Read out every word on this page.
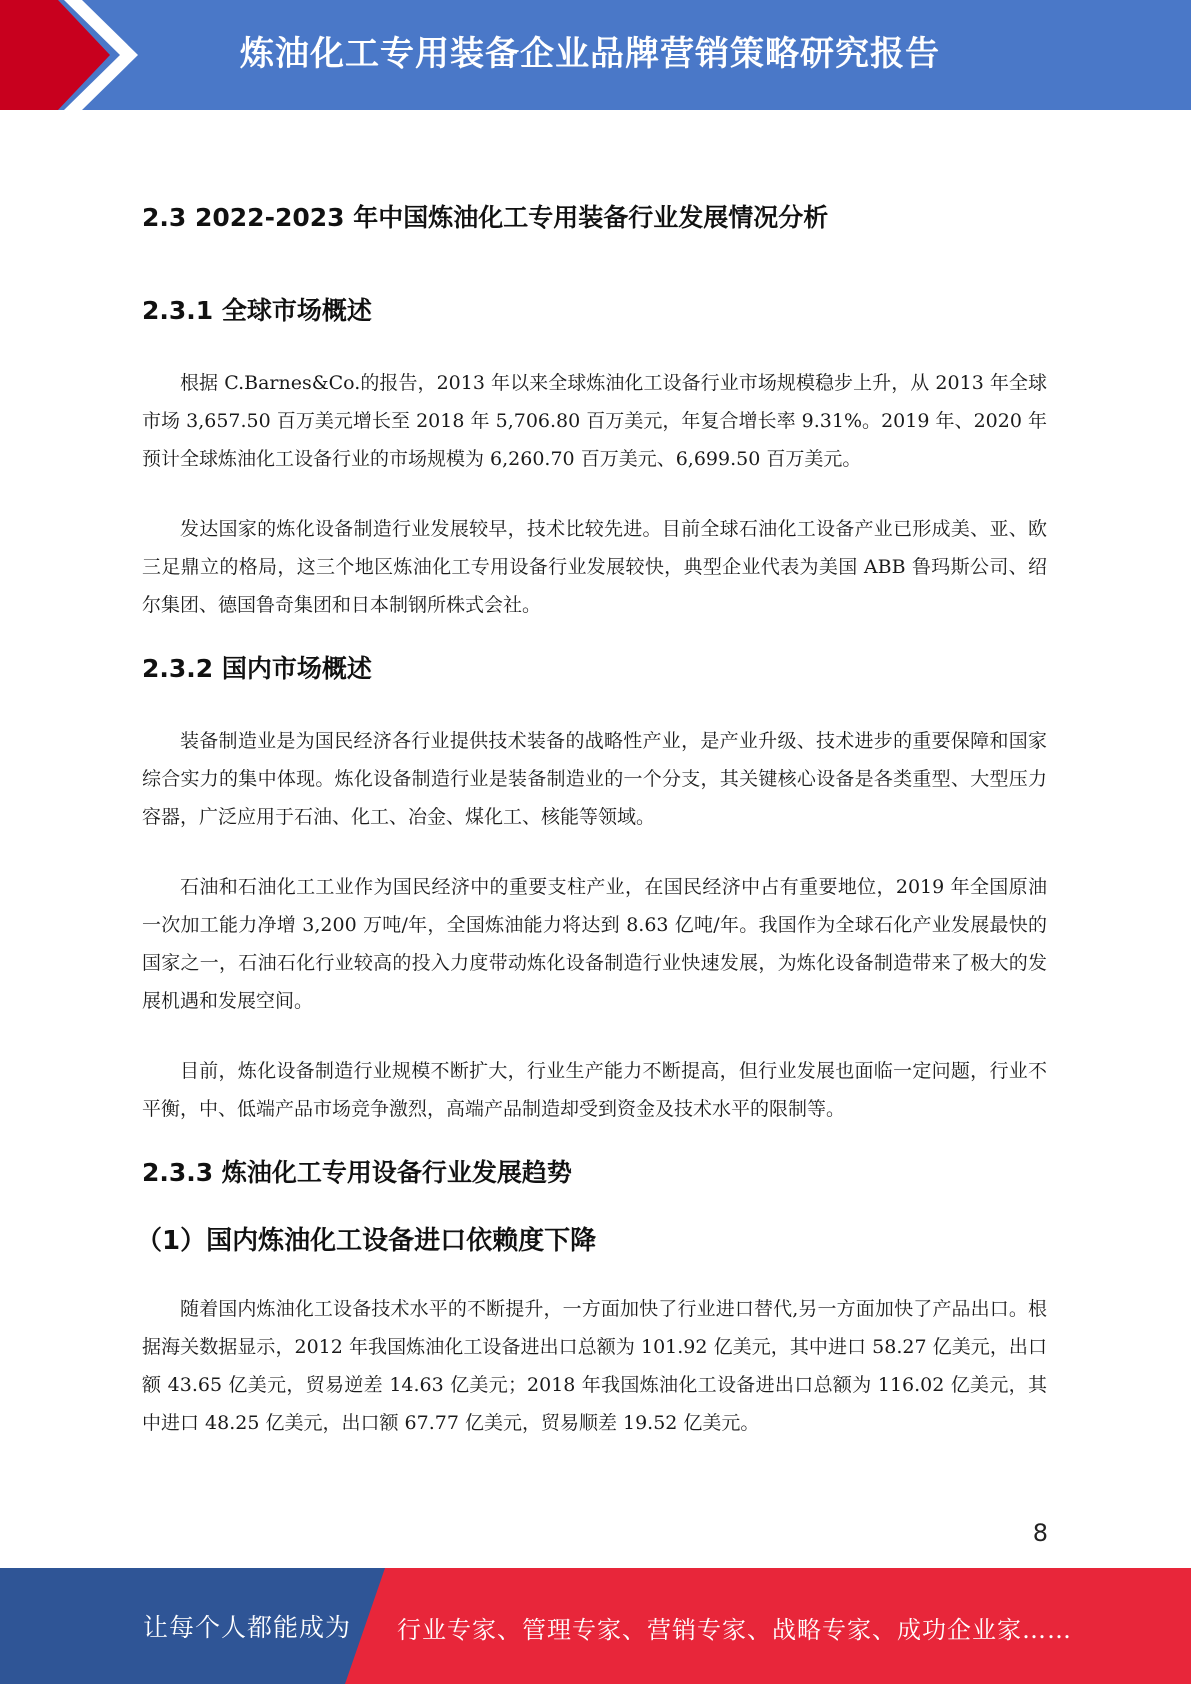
炼油化工专用装备企业品牌营销策略研究报告
2.3 2022-2023 年中国炼油化工专用装备行业发展情况分析
2.3.1 全球市场概述

根据 C.Barnes&Co.的报告，2013 年以来全球炼油化工设备行业市场规模稳步上升，从 2013 年全球市场 3,657.50 百万美元增长至 2018 年 5,706.80 百万美元，年复合增长率 9.31%。2019 年、2020 年预计全球炼油化工设备行业的市场规模为 6,260.70 百万美元、6,699.50 百万美元。

发达国家的炼化设备制造行业发展较早，技术比较先进。目前全球石油化工设备产业已形成美、亚、欧三足鼎立的格局，这三个地区炼油化工专用设备行业发展较快，典型企业代表为美国 ABB 鲁玛斯公司、绍尔集团、德国鲁奇集团和日本制钢所株式会社。

2.3.2 国内市场概述

装备制造业是为国民经济各行业提供技术装备的战略性产业，是产业升级、技术进步的重要保障和国家综合实力的集中体现。炼化设备制造行业是装备制造业的一个分支，其关键核心设备是各类重型、大型压力容器，广泛应用于石油、化工、冶金、煤化工、核能等领域。

石油和石油化工工业作为国民经济中的重要支柱产业，在国民经济中占有重要地位，2019 年全国原油一次加工能力净增 3,200 万吨/年，全国炼油能力将达到 8.63 亿吨/年。我国作为全球石化产业发展最快的国家之一，石油石化行业较高的投入力度带动炼化设备制造行业快速发展，为炼化设备制造带来了极大的发展机遇和发展空间。

目前，炼化设备制造行业规模不断扩大，行业生产能力不断提高，但行业发展也面临一定问题，行业不平衡，中、低端产品市场竞争激烈，高端产品制造却受到资金及技术水平的限制等。

2.3.3 炼油化工专用设备行业发展趋势
（1）国内炼油化工设备进口依赖度下降

随着国内炼油化工设备技术水平的不断提升，一方面加快了行业进口替代,另一方面加快了产品出口。根据海关数据显示，2012 年我国炼油化工设备进出口总额为 101.92 亿美元，其中进口 58.27 亿美元，出口额 43.65 亿美元，贸易逆差 14.63 亿美元；2018 年我国炼油化工设备进出口总额为 116.02 亿美元，其中进口 48.25 亿美元，出口额 67.77 亿美元，贸易顺差 19.52 亿美元。

8
让每个人都能成为 行业专家、管理专家、营销专家、战略专家、成功企业家……
